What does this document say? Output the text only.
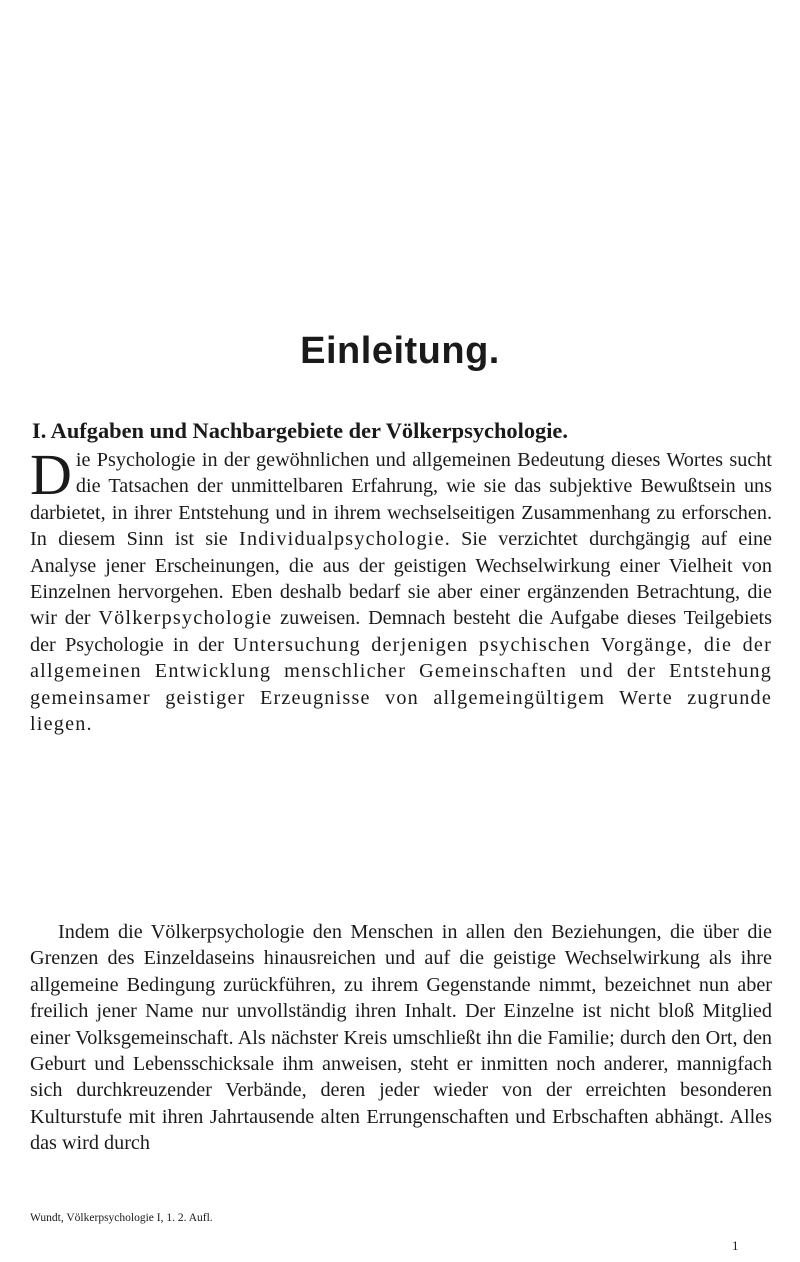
Einleitung.
I. Aufgaben und Nachbargebiete der Völkerpsychologie.
Die Psychologie in der gewöhnlichen und allgemeinen Bedeutung dieses Wortes sucht die Tatsachen der unmittelbaren Erfahrung, wie sie das subjektive Bewußtsein uns darbietet, in ihrer Entstehung und in ihrem wechselseitigen Zusammenhang zu erforschen. In diesem Sinn ist sie Individualpsychologie. Sie verzichtet durchgängig auf eine Analyse jener Erscheinungen, die aus der geistigen Wechselwirkung einer Vielheit von Einzelnen hervorgehen. Eben deshalb bedarf sie aber einer ergänzenden Betrachtung, die wir der Völkerpsychologie zuweisen. Demnach besteht die Aufgabe dieses Teilgebiets der Psychologie in der Untersuchung derjenigen psychischen Vorgänge, die der allgemeinen Entwicklung menschlicher Gemeinschaften und der Entstehung gemeinsamer geistiger Erzeugnisse von allgemeingültigem Werte zugrunde liegen.
Indem die Völkerpsychologie den Menschen in allen den Beziehungen, die über die Grenzen des Einzeldaseins hinausreichen und auf die geistige Wechselwirkung als ihre allgemeine Bedingung zurückführen, zu ihrem Gegenstande nimmt, bezeichnet nun aber freilich jener Name nur unvollständig ihren Inhalt. Der Einzelne ist nicht bloß Mitglied einer Volksgemeinschaft. Als nächster Kreis umschließt ihn die Familie; durch den Ort, den Geburt und Lebensschicksale ihm anweisen, steht er inmitten noch anderer, mannigfach sich durchkreuzender Verbände, deren jeder wieder von der erreichten besonderen Kulturstufe mit ihren Jahrtausende alten Errungenschaften und Erbschaften abhängt. Alles das wird durch
Wundt, Völkerpsychologie I, 1. 2. Aufl.
1
